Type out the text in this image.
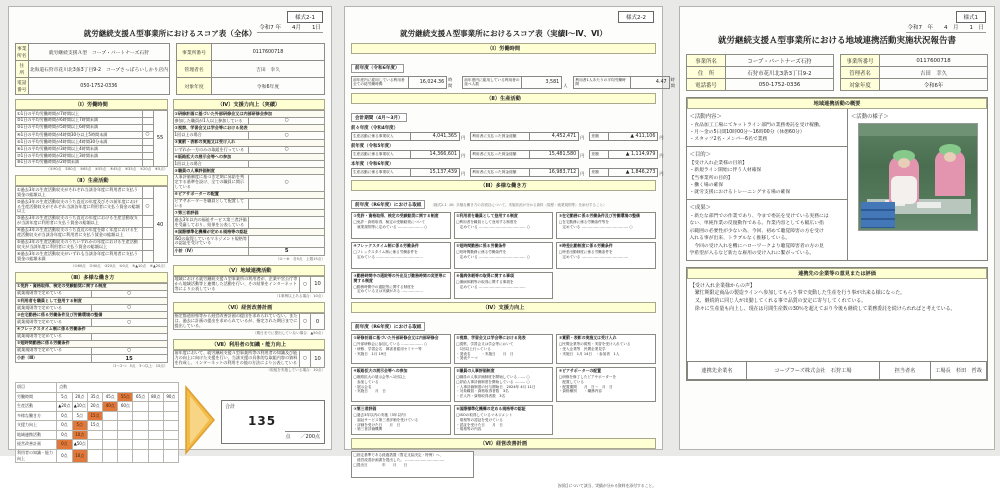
様式2-1
令和7 年　　4月　　1日
就労継続支援Ａ型事業所におけるスコア表（全体）
事業所名	就労継続支援Ａ型　コープ・パートナーズ石狩
住　所	北海道石狩市花川北3条3丁目9-2　コープさっぽろいしかり店内
電話番号	050-1752-0336
事業所番号	0117600718
管理者名	吉田　幸久
対象年度	令和6年度
（Ⅰ）労働時間
①1日の平均労働時間が7時間以上		55
②1日の平均労働時間が6時間以上7時間未満		
③1日の平均労働時間が5時間以上6時間未満		
④1日の平均労働時間が4時間30分以上5時間未満	○	
⑤1日の平均労働時間が4時間以上4時間30分未満		
⑥1日の平均労働時間が3時間以上4時間未満		
⑦1日の平均労働時間が2時間以上3時間未満		
⑧1日の平均労働時間が2時間未満		
（①90点　②80点　③65点　④55点　⑤45点　⑥35点　⑦20点　⑧5点）
（Ⅱ）生産活動
①過去3年の生産活動収支がそれぞれ当該各年度に利用者に支払う賃金の総額以上		40
②過去3年の生産活動収支のうち直近の年度及びその前年度における生産活動収支がそれぞれ当該各年度に利用者に支払う賃金の総額以上	○	
③過去3年の生産活動収支のうち直近の年度における生産活動収支が当該年度に利用者に支払う賃金の総額以上		
④過去3年の生産活動収支のうち直近の年度を除く年度における生産活動収支が当該各年度に利用者に支払う賃金の総額以上		
⑤過去3年の生産活動収支のうちいずれかの年度における生産活動収支が当該年度に利用者に支払う賃金の総額以上		
⑥過去3年の生産活動収支がいずれも当該各年度に利用者に支払う賃金の総額未満		
（①60点　②40点　③20点　④0点　⑤▲10点　⑥▲20点）
（Ⅲ）多様な働き方
①免許・資格取得、検定の受験勧奨に関する制度	
就業規則等で定めている	○
②利用者を職員として登用する制度	
就業規則等で定めている	○
③在宅勤務に係る労働条件及び労働環境の整備	
就業規則等で定めている	○
④フレックスタイム制に係る労働条件	
就業規則等で定めている	
⑤短時間勤務に係る労働条件	
就業規則等で定めている	○
小計（Ⅲ）	15
（1〜2つ：5点　3つ以上：15点）
（Ⅳ）支援力向上（実績）
①研修計画に基づいた外部研修会又は内部研修会参加	
参加した職員が1人以上参加している	○
②視察、学習会又は学会等における発表	
1回以上の場合	○
③賞罰・表彰の実施又は受け入れ	
いずれか一方のみの取組を行っている	○
④販路拡大の展示会等への参加	
1回以上の場合	
⑤職員の人事評価制度	
人事評価制度に基づき定期に昇給を判定する基準を設け、全ての職員に開示している	○
⑥ピアサポーターの配置	
ピアサポーターを職員として配置している	
⑦第三者評価	
過去3年以内の福祉サービス第三者評価を受審しており、結果を公表している	
⑧国際標準化機構が定める規格等の認証	
ISOの取得しているマネジメント規格等の認証を受けている	
小計（Ⅳ）	5
（①〜⑧　各5点　上限15点）
（Ⅴ）地域連携活動
地域における就労継続支援Ａ型事業所の利用者が、企業や官公庁等から地域活動等と連携した活動を行い、その結果をインターネット等により公表している	○	10
（1事例以上ある場合：10点）
（Ⅵ）経営改善計画
指定都道府県等から経営改善計画の提出を求められていない。または、過去に計画の提出を求められているが、指定された期日までに提出している。	○	0
（期日までに提出していない場合：▲50点）
（Ⅶ）利用者の知識・能力向上
前年度において、就労継続支援Ａ型事業所等の利用者の知識及び能力の向上に向けた支援を行い、当該支援の具体的な取組内容の資料を作成し、インターネットの利用その他の方法により公表している	○	10
（取組を実施している場合：10点）
項目	点数							
労働時間	5点	20点	35点	45点	55点	65点	80点	90点
生産活動	▲20点	▲10点	20点	40点	60点			
多様な働き方	0点	5点	15点					
支援力向上	0点	5点	15点					
地域連携活動	0点	10点						
経営改善計画	0点	▲50点						
利用者の知識・能力向上	0点	10点						
合計
135
点　　／200点
様式2-2
就労継続支援Ａ型事業所におけるスコア表（実績Ⅰ〜Ⅳ、Ⅵ）
（Ⅰ）労働時間
前年度（令和6年度）
前年度内に雇用している利用者全ての総労働時間	16,024.36
時間
前年度内に雇用している利用者の延べ人数	3,581
人
利用者1人あたりの平均労働時間	4.47
時間
（Ⅱ）生産活動
会計期間（4月〜3月）
前々年度（令和4年度）
生産活動に係る事業収入	4,041,365 円	利用者に支払った賃金総額	4,452,471 円	差額	▲ 411,106 円
前年度（令和5年度）
生産活動に係る事業収入	14,366,601 円	利用者に支払った賃金総額	15,481,580 円	差額	▲ 1,114,979 円
本年度（令和6年度）
生産活動に係る事業収入	15,137,439 円	利用者に支払った賃金総額	16,983,712 円	差額	▲ 1,846,273 円
（Ⅲ）多様な働き方
前年度（R6年度）における取組	（様式2-1（Ⅲ）多様な働き方の各項目について、実施状況が分かる資料（規程・就業規則等）を添付すること）
①免許・資格取得、検定の受験勧奨に関する制度
□免許・資格取得、検定の受験勧奨について
　就業規則等に定めている ………………… ○
②利用者を職員として登用する制度
□利用者を職員として登用する制度を
　定めている ………………………………… ○
③在宅勤務に係る労働条件及び労働環境の整備
□在宅勤務に係る労働条件等を
　定めている ………………………………… ○
④フレックスタイム制に係る労働条件
□フレックスタイム制に係る労働条件を
　定めている …………………………………
⑤短時間勤務に係る労働条件
□短時間勤務に係る労働条件を
　定めている ………………………………… ○
⑥時差出勤制度に係る労働条件
□時差出勤制度に係る労働条件を
　定めている …………………………………
⑦勤務時間中の通院等の外出及び勤務時間の変更等に関する制度
□勤務時間中の通院等に関する制度を
　定めている又は実績がある ………………
⑧傷病休暇等の取得に関する事項
□傷病休暇等の取得に関する事項を
　定めている …………………………………
（Ⅳ）支援力向上
前年度（R6年度）における取組
①研修計画に基づいた外部研修会又は内部研修会
□外部研修会に参加している ……………… ○
・研修、学習会名　障害者雇用セミナー等
・実施日　1月 19日
②視察、学習会又は学会等における発表
□視察、学習会又は学会等において
　1回以上行っている
・発表名　　　・実施日　　月　日
・発表テーマ
③賞罰・表彰の実施又は受け入れ
□民間企業等の視察・実習を受け入れている
・受入企業等　民間企業見学
・実施日　1月 14日　・参加者　1人
④販路拡大の展示会等への参加
□販路拡大の展示会等へ1回以上
　参加している
・展示会名
・実施日　　月　日
⑤職員の人事評価制度
□職員の人事評価制度を開始している …… ○
□昇給人事評価制度を開始している ……… ○
・人事評価制度の付与開始日　2024年 4月 11日
・対象職員・資格取得者数　3名
・法人内・資格取得者数　3名
⑥ピアサポーターの配置
□研修を修了したピアサポーターを
　配置している
・配置期間　　月　日〜　月　日
・資格種別　　・職務内容
⑦第三者評価
□過去3年以内の実施（3年以内）
　福祉サービス第三者評価を受けている
・評価を受けた日　　月　日
・第三者評価機関
⑧国際標準化機構の定める規格等の認証
□ISOの取得しているマネジメント
　規格等の認証を受けている
・認証を受けた日　　月　日
・規格等の内容
（Ⅵ）経営改善計画
□指定基準である経過措置（暫定支給決定・特例）へ、
　経営改善計画書を提出した。 ……………………………
□提出日　　　　年　　月　　日
各項目について該当、実績が分かる資料を添付すること。
様式1
令和7　年　　4　月　　1　日
就労継続支援Ａ型事業所における地域連携活動実施状況報告書
事業所名	コープ・パートナーズ石狩
住　所	石狩市花川北3条3丁目9-2
電話番号	050-1752-0336
事業所番号	0117600718
管理者名	吉田　幸久
対象年度	令和6年
地域連携活動の概要
＜活動内容＞
・食品加工工場にてキットライン部門の業務委託を受け稼働。
・月〜金の5日間10時00分〜16時00分（休憩60分）
・スタッフ2名・メンバー6名で業務
＜目的＞
【受け入れ企業様の目的】
・新規ライン開始に伴う人材確保
【当事業所の目的】
・働く場の確保
・就労支援におけるトレーニングする場の確保
＜成果＞
・新たな部門での作業であり、今まで委託を受けている実務には
ない、単純作業の反復動作である。作業内容としても幅広い指
示範囲の必要性が少ない為、今回、初めて聴覚障害の方を受け
入れる事が出来、トラブルなく推移している。
　今回の受け入れを機にハローワークより聴覚障害者の方の見
学希望が入るなど新たな雇用の受け入れに繋がっている。
＜活動の様子＞
連携先の企業等の意見または評価
【受け入れ企業様からの声】
　繁忙期限定商品の製造ラインへ参加してもらう事で変動した生産を行う事が出来る様になった。
　又、継続的に同じ人が出勤してくれる事で品質の安定に寄与してくれている。
　徐々に生産量も向上し、現在は月間生産数の30％を超えており今後も継続して業務委託を続けられればと考えている。
連携先企業名	コープフーズ株式会社　石狩工場	担当者名	工場長　杉田　哲哉
